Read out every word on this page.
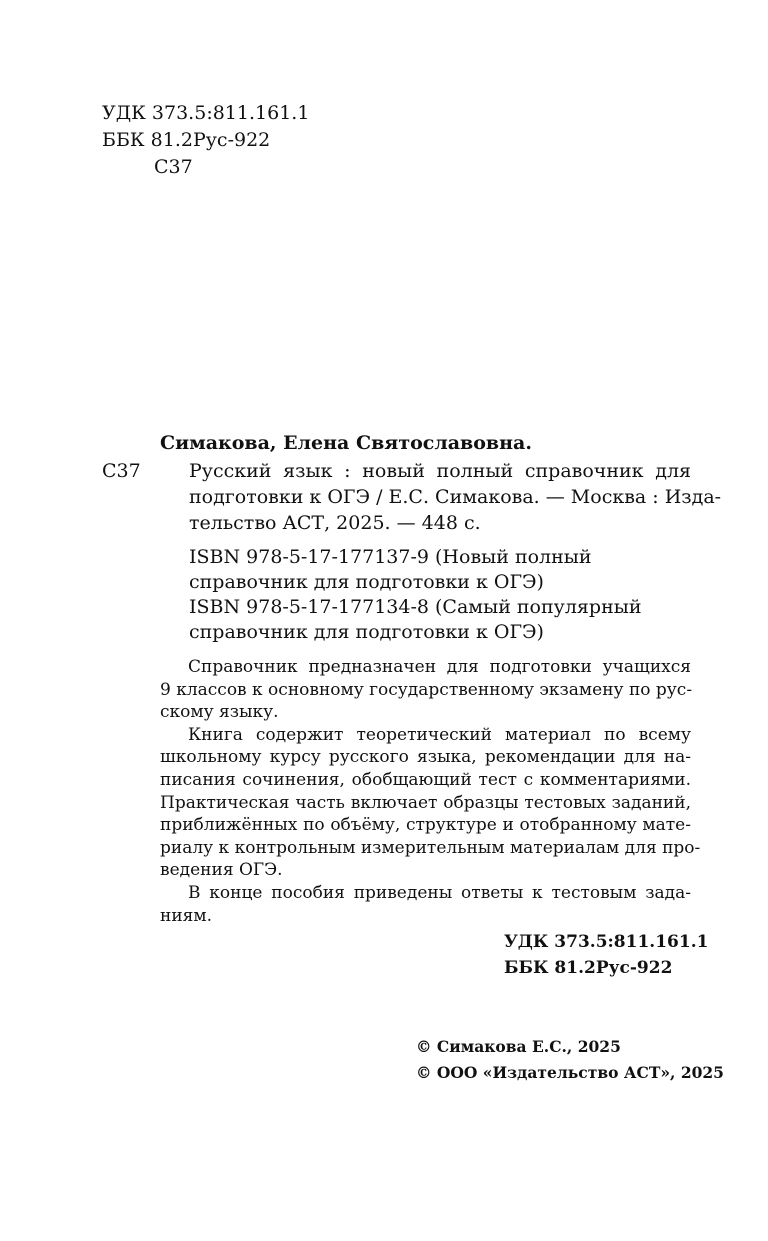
УДК 373.5:811.161.1
ББК 81.2Рус-922
С37
Симакова, Елена Святославовна.
С37	Русский язык : новый полный справочник для
подготовки к ОГЭ / Е.С. Симакова. — Москва : Изда-
тельство АСТ, 2025. — 448 с.
ISBN 978-5-17-177137-9 (Новый полный
справочник для подготовки к ОГЭ)
ISBN 978-5-17-177134-8 (Самый популярный
справочник для подготовки к ОГЭ)
Справочник предназначен для подготовки учащихся
9 классов к основному государственному экзамену по рус-
скому языку.
Книга содержит теоретический материал по всему
школьному курсу русского языка, рекомендации для на-
писания сочинения, обобщающий тест с комментариями.
Практическая часть включает образцы тестовых заданий,
приближённых по объёму, структуре и отобранному мате-
риалу к контрольным измерительным материалам для про-
ведения ОГЭ.
В конце пособия приведены ответы к тестовым зада-
ниям.
УДК 373.5:811.161.1
ББК 81.2Рус-922
© Симакова Е.С., 2025
© ООО «Издательство АСТ», 2025
